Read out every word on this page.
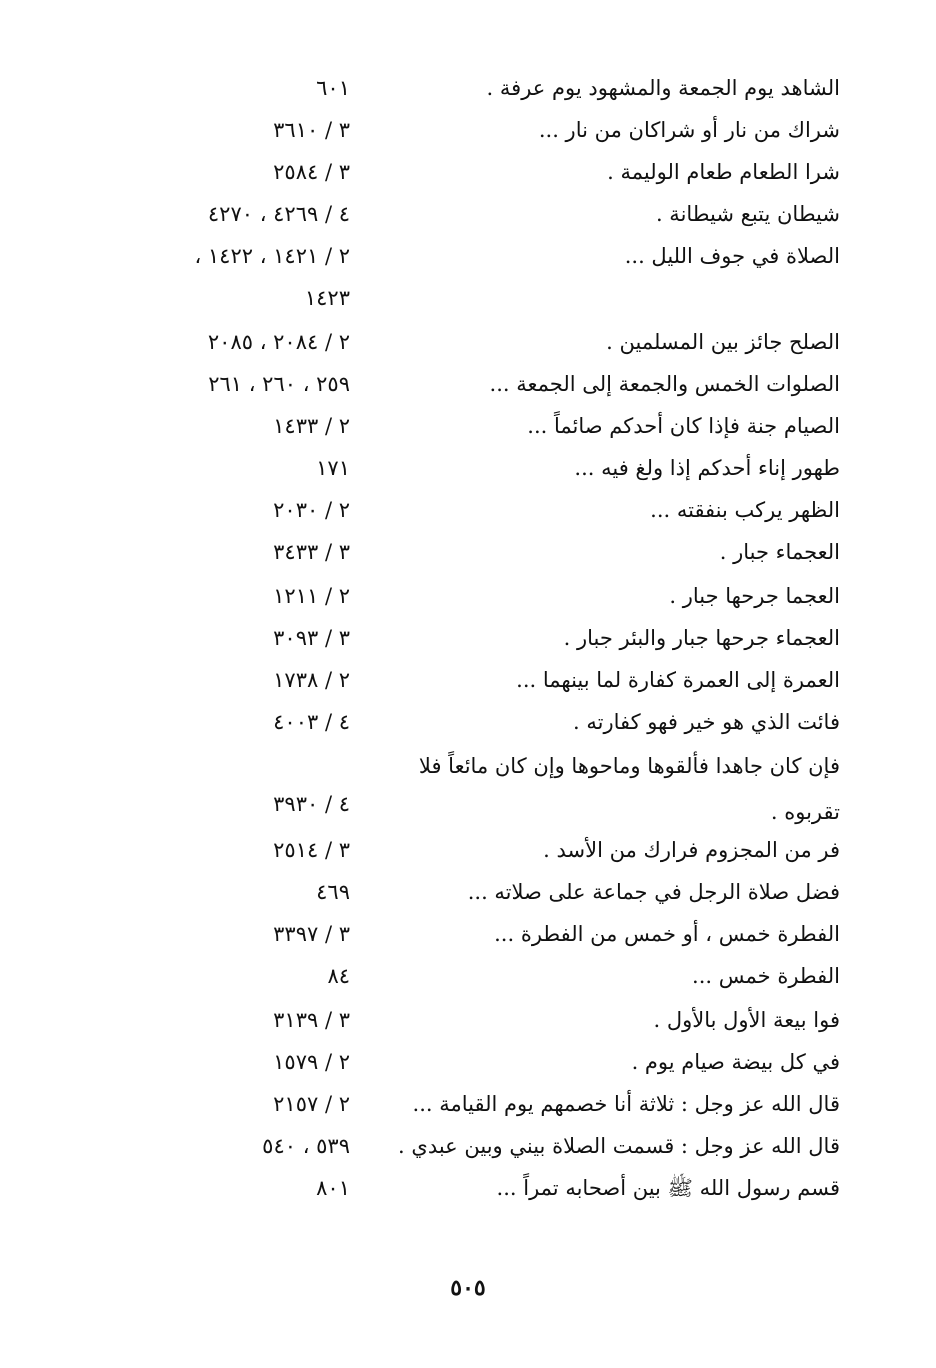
الشاهد يوم الجمعة والمشهود يوم عرفة .
٦٠١
شراك من نار أو شراكان من نار ...
٣ / ٣٦١٠
شرا الطعام طعام الوليمة .
٣ / ٢٥٨٤
شيطان يتبع شيطانة .
٤ / ٤٢٦٩ ، ٤٢٧٠
الصلاة في جوف الليل ...
٢ / ١٤٢١ ، ١٤٢٢ ،
١٤٢٣
الصلح جائز بين المسلمين .
٢ / ٢٠٨٤ ، ٢٠٨٥
الصلوات الخمس والجمعة إلى الجمعة ...
٢٥٩ ، ٢٦٠ ، ٢٦١
الصيام جنة فإذا كان أحدكم صائماً ...
٢ / ١٤٣٣
طهور إناء أحدكم إذا ولغ فيه ...
١٧١
الظهر يركب بنفقته ...
٢ / ٢٠٣٠
العجماء جبار .
٣ / ٣٤٣٣
العجما جرحها جبار .
٢ / ١٢١١
العجماء جرحها جبار والبئر جبار .
٣ / ٣٠٩٣
العمرة إلى العمرة كفارة لما بينهما ...
٢ / ١٧٣٨
فائت الذي هو خير فهو كفارته .
٤ / ٤٠٠٣
فإن كان جاهدا فألقوها وماحوها وإن كان مائعاً فلا
٤ / ٣٩٣٠	تقربوه .
فر من المجزوم فرارك من الأسد .
٣ / ٢٥١٤
فضل صلاة الرجل في جماعة على صلاته ...
٤٦٩
الفطرة خمس ، أو خمس من الفطرة ...
٣ / ٣٣٩٧
الفطرة خمس ...
٨٤
فوا بيعة الأول بالأول .
٣ / ٣١٣٩
في كل بيضة صيام يوم .
٢ / ١٥٧٩
قال الله عز وجل : ثلاثة أنا خصمهم يوم القيامة ...
٢ / ٢١٥٧
قال الله عز وجل : قسمت الصلاة بيني وبين عبدي .
٥٣٩ ، ٥٤٠
قسم رسول الله ﷺ بين أصحابه تمراً ...
٨٠١
٥٠٥
